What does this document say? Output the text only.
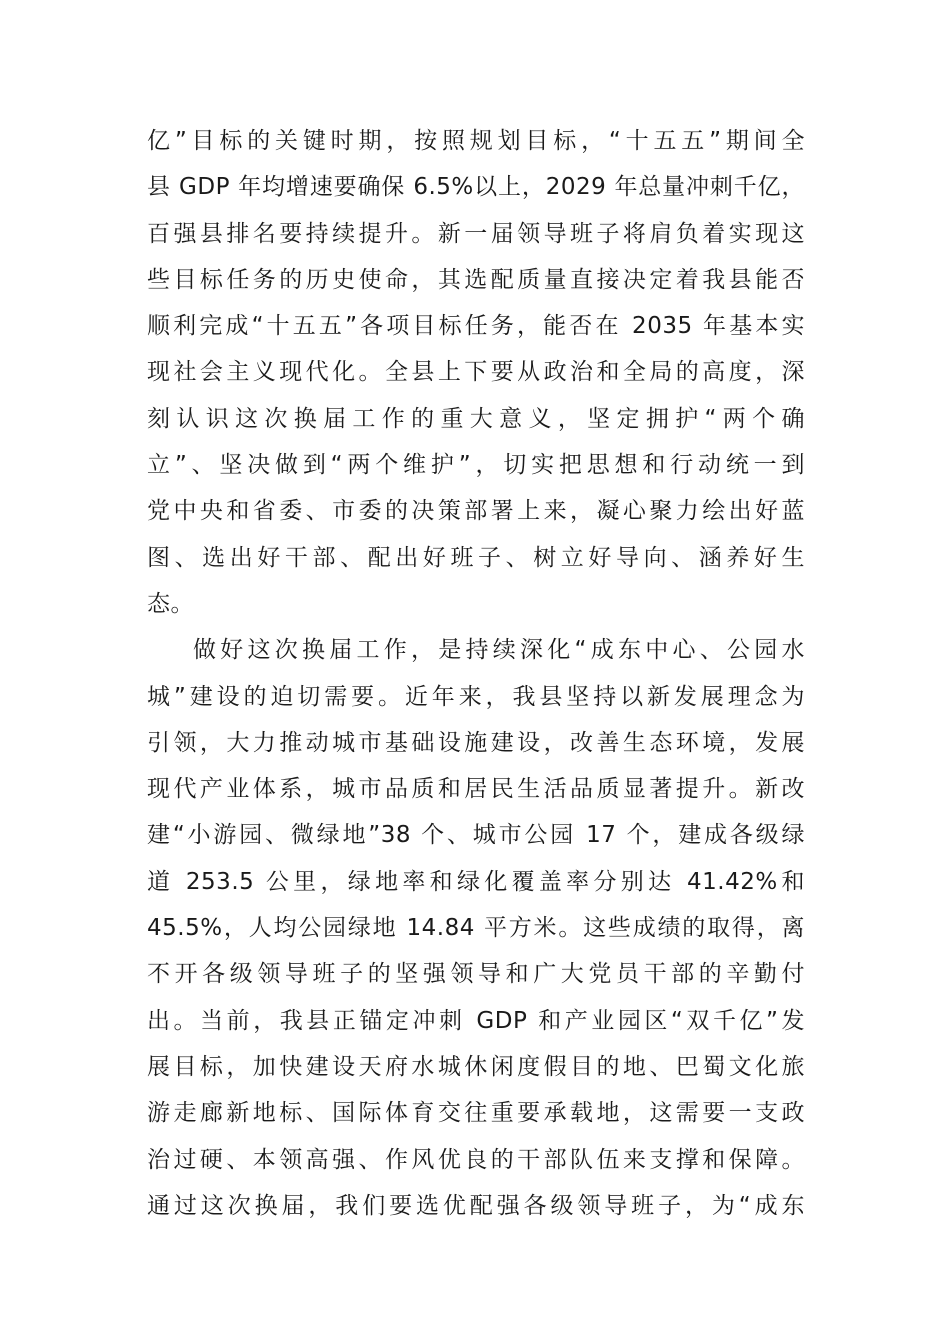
亿”目标的关键时期，按照规划目标，“十五五”期间全
县 GDP 年均增速要确保 6.5%以上，2029 年总量冲刺千亿，
百强县排名要持续提升。新一届领导班子将肩负着实现这
些目标任务的历史使命，其选配质量直接决定着我县能否
顺利完成“十五五”各项目标任务，能否在 2035 年基本实
现社会主义现代化。全县上下要从政治和全局的高度，深
刻认识这次换届工作的重大意义，坚定拥护“两个确
立”、坚决做到“两个维护”，切实把思想和行动统一到
党中央和省委、市委的决策部署上来，凝心聚力绘出好蓝
图、选出好干部、配出好班子、树立好导向、涵养好生
态。
做好这次换届工作，是持续深化“成东中心、公园水
城”建设的迫切需要。近年来，我县坚持以新发展理念为
引领，大力推动城市基础设施建设，改善生态环境，发展
现代产业体系，城市品质和居民生活品质显著提升。新改
建“小游园、微绿地”38 个、城市公园 17 个，建成各级绿
道 253.5 公里，绿地率和绿化覆盖率分别达 41.42%和
45.5%，人均公园绿地 14.84 平方米。这些成绩的取得，离
不开各级领导班子的坚强领导和广大党员干部的辛勤付
出。当前，我县正锚定冲刺 GDP 和产业园区“双千亿”发
展目标，加快建设天府水城休闲度假目的地、巴蜀文化旅
游走廊新地标、国际体育交往重要承载地，这需要一支政
治过硬、本领高强、作风优良的干部队伍来支撑和保障。
通过这次换届，我们要选优配强各级领导班子，为“成东
